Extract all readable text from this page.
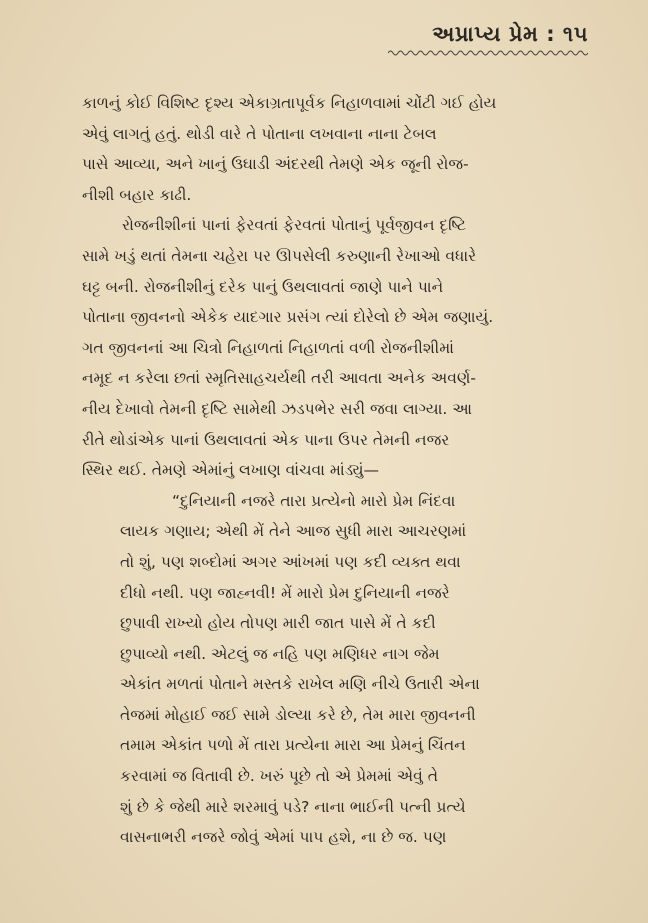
અપ્રાપ્ય પ્રેમ : ૧૫
કાળનું કોઈ વિશિષ્ટ દૃશ્ય એકાગ્રતાપૂર્વક નિહાળવામાં ચોંટી ગઈ હોય
એવું લાગતું હતું. થોડી વારે તે પોતાના લખવાના નાના ટેબલ
પાસે આવ્યા, અને ખાનું ઉઘાડી અંદરથી તેમણે એક જૂની રોજ-
નીશી બહાર કાઢી.
રોજનીશીનાં પાનાં ફેરવતાં ફેરવતાં પોતાનું પૂર્વજીવન દૃષ્ટિ
સામે ખડું થતાં તેમના ચહેરા પર ઊપસેલી કરુણાની રેખાઓ વધારે
ઘટ્ટ બની. રોજનીશીનું દરેક પાનું ઉથલાવતાં જાણે પાને પાને
પોતાના જીવનનો એકેક યાદગાર પ્રસંગ ત્યાં દોરેલો છે એમ જણાયું.
ગત જીવનનાં આ ચિત્રો નિહાળતાં નિહાળતાં વળી રોજનીશીમાં
નમૂદ ન કરેલા છતાં સ્મૃતિસાહચર્યથી તરી આવતા અનેક અવર્ણ-
નીય દેખાવો તેમની દૃષ્ટિ સામેથી ઝડપભેર સરી જવા લાગ્યા. આ
રીતે થોડાંએક પાનાં ઉથલાવતાં એક પાના ઉપર તેમની નજર
સ્થિર થઈ. તેમણે એમાંનું લખાણ વાંચવા માંડ્યું—
“દુનિયાની નજરે તારા પ્રત્યેનો મારો પ્રેમ નિંદવા
લાયક ગણાય; એથી મેં તેને આજ સુધી મારા આચરણમાં
તો શું, પણ શબ્દોમાં અગર આંખમાં પણ કદી વ્યક્ત થવા
દીધો નથી. પણ જાહ્નવી! મેં મારો પ્રેમ દુનિયાની નજરે
છુપાવી રાખ્યો હોય તોપણ મારી જાત પાસે મેં તે કદી
છુપાવ્યો નથી. એટલું જ નહિ પણ મણિધર નાગ જેમ
એકાંત મળતાં પોતાને મસ્તકે રાખેલ મણિ નીચે ઉતારી એના
તેજમાં મોહાઈ જઈ સામે ડોલ્યા કરે છે, તેમ મારા જીવનની
તમામ એકાંત પળો મેં તારા પ્રત્યેના મારા આ પ્રેમનું ચિંતન
કરવામાં જ વિતાવી છે. ખરું પૂછે તો એ પ્રેમમાં એવું તે
શું છે કે જેથી મારે શરમાવું પડે? નાના ભાઈની પત્ની પ્રત્યે
વાસનાભરી નજરે જોવું એમાં પાપ હશે, ના છે જ. પણ
